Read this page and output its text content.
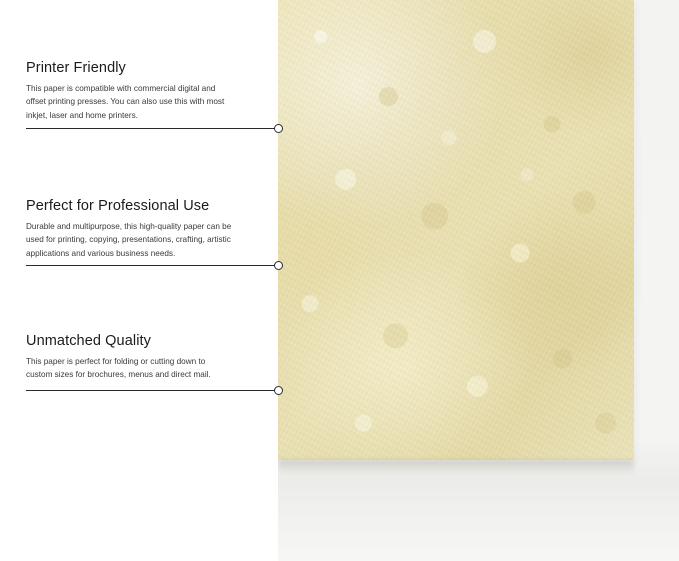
Printer Friendly

This paper is compatible with commercial digital and offset printing presses. You can also use this with most inkjet, laser and home printers.

Perfect for Professional Use

Durable and multipurpose, this high-quality paper can be used for printing, copying, presentations, crafting, artistic applications and various business needs.

Unmatched Quality

This paper is perfect for folding or cutting down to custom sizes for brochures, menus and direct mail.
